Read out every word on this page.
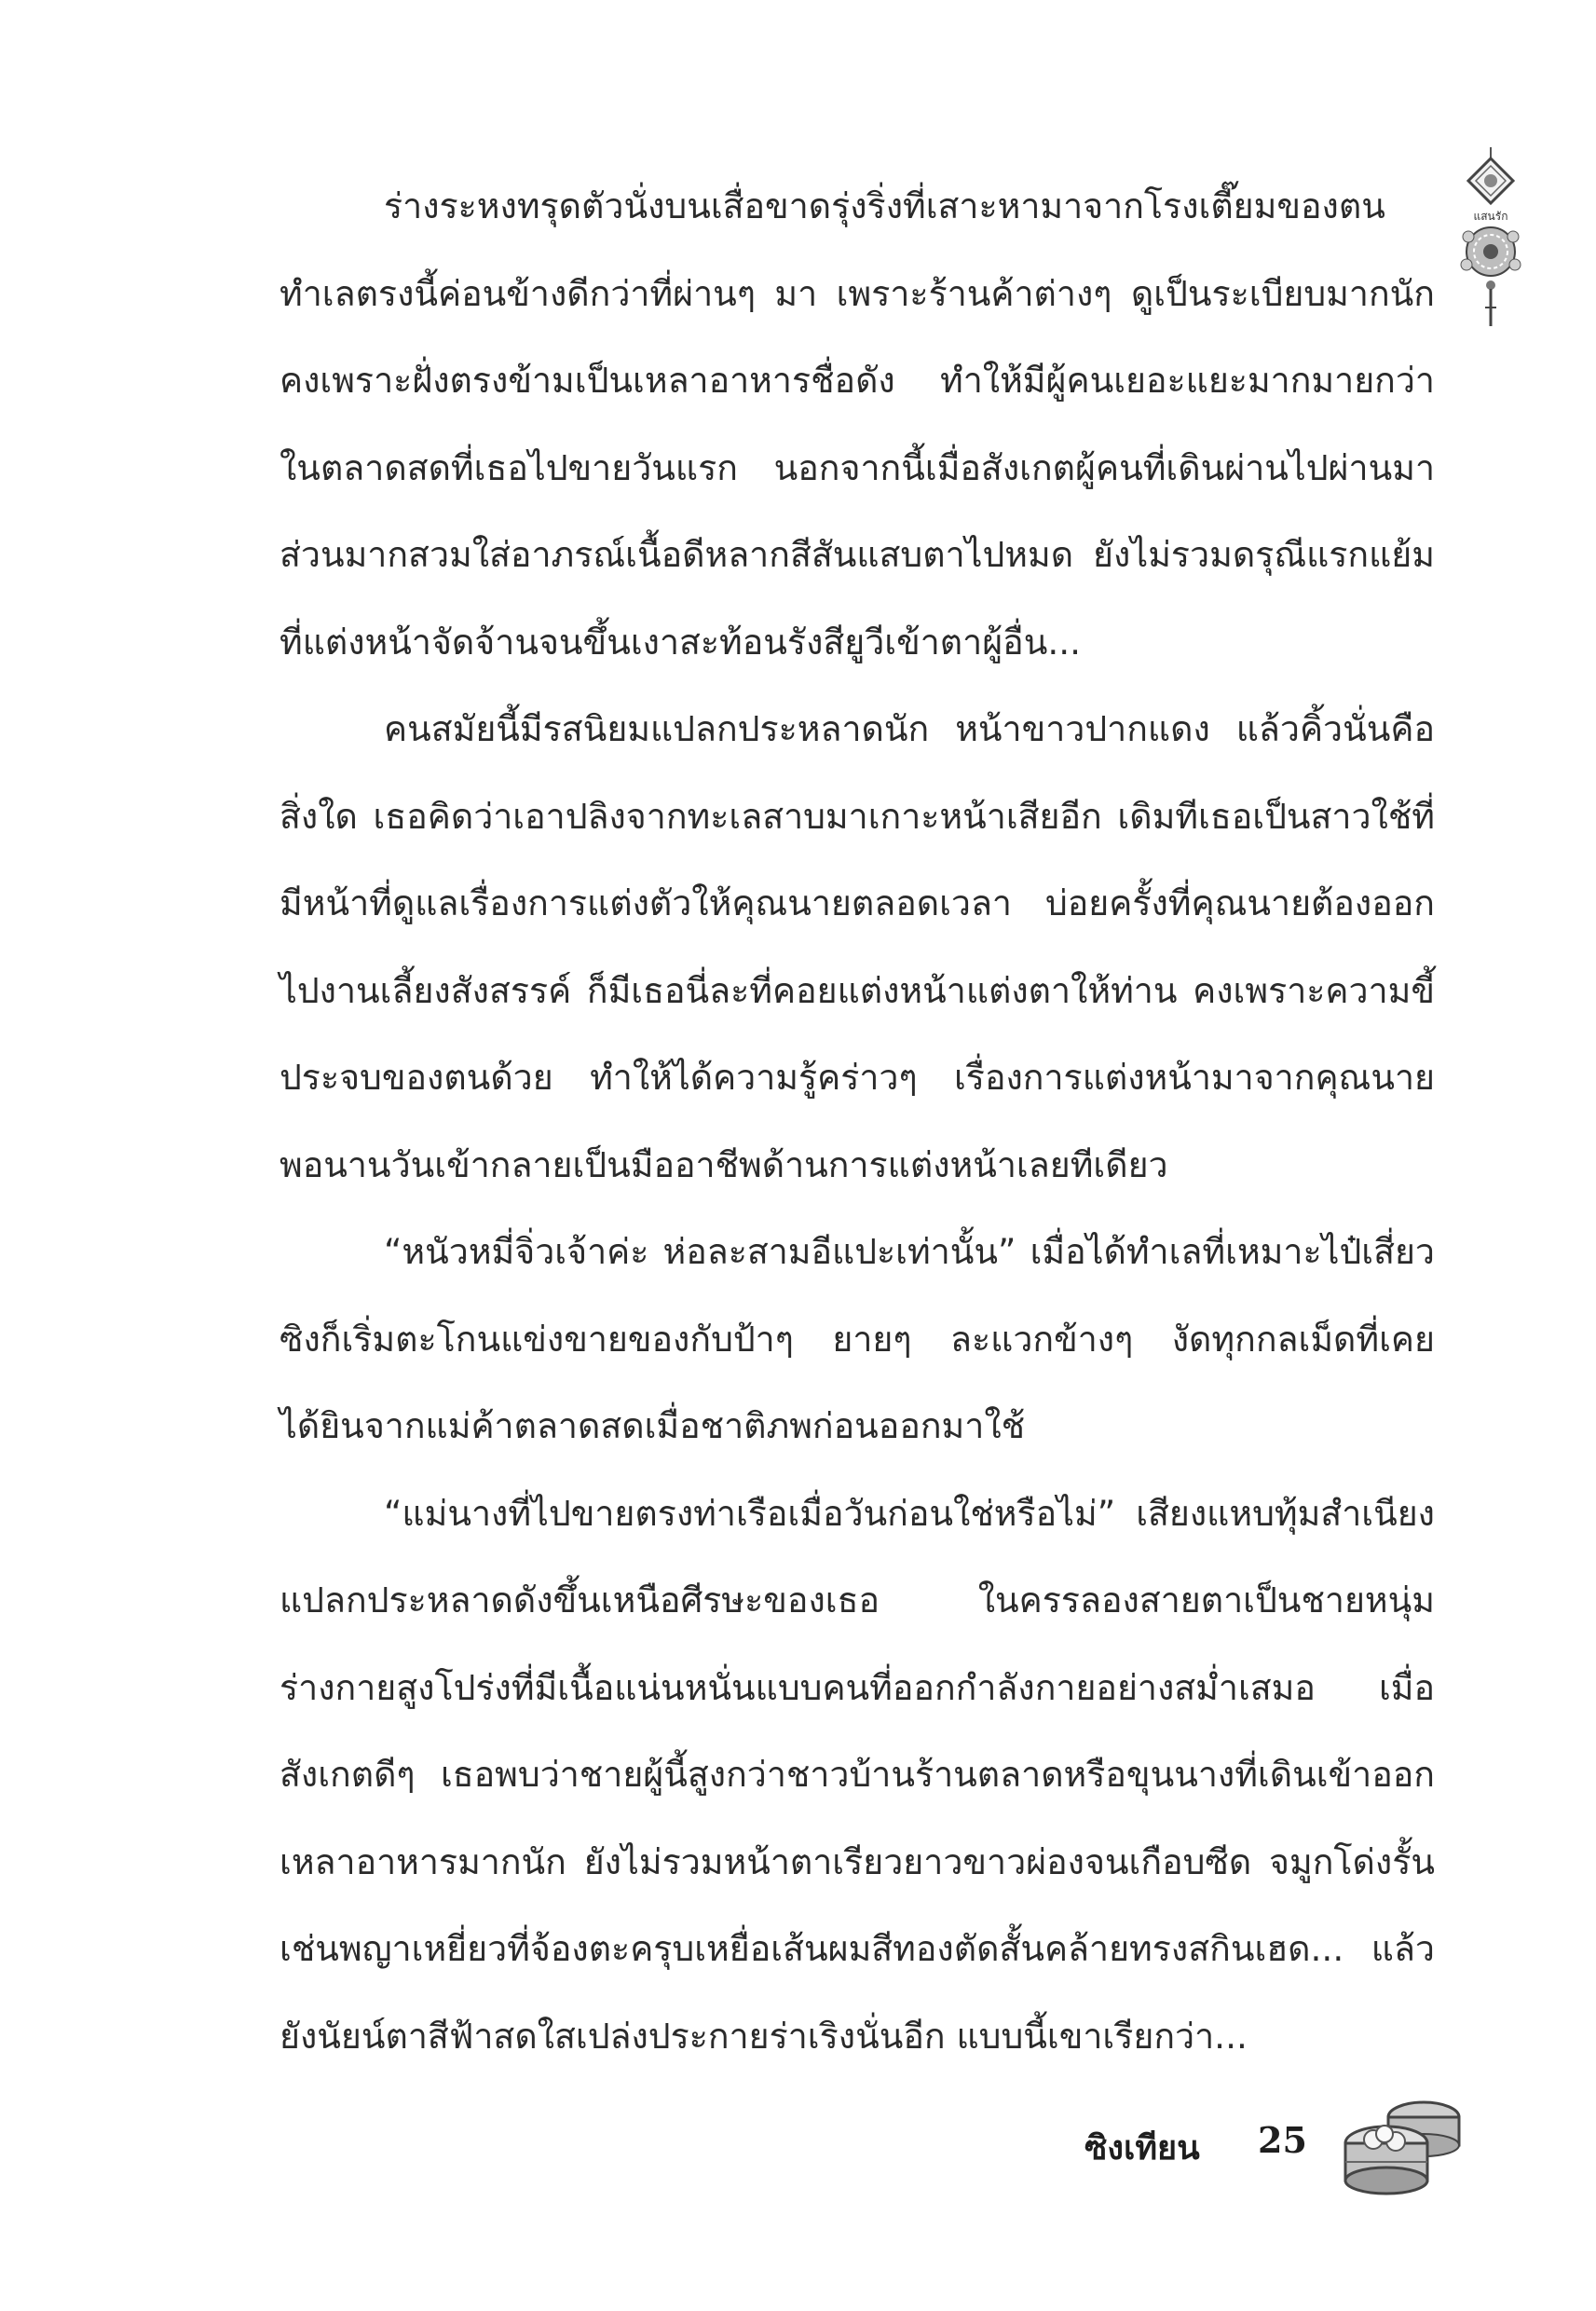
แสนรัก

ร่างระหงทรุดตัวนั่งบนเสื่อขาดรุ่งริ่งที่เสาะหามาจากโรงเตี๊ยมของตน ทำเลตรงนี้ค่อนข้างดีกว่าที่ผ่านๆ มา เพราะร้านค้าต่างๆ ดูเป็นระเบียบมากนัก คงเพราะฝั่งตรงข้ามเป็นเหลาอาหารชื่อดัง ทำให้มีผู้คนเยอะแยะมากมายกว่าในตลาดสดที่เธอไปขายวันแรก นอกจากนี้เมื่อสังเกตผู้คนที่เดินผ่านไปผ่านมา ส่วนมากสวมใส่อาภรณ์เนื้อดีหลากสีสันแสบตาไปหมด ยังไม่รวมดรุณีแรกแย้มที่แต่งหน้าจัดจ้านจนขึ้นเงาสะท้อนรังสียูวีเข้าตาผู้อื่น...

คนสมัยนี้มีรสนิยมแปลกประหลาดนัก หน้าขาวปากแดง แล้วคิ้วนั่นคือสิ่งใด เธอคิดว่าเอาปลิงจากทะเลสาบมาเกาะหน้าเสียอีก เดิมทีเธอเป็นสาวใช้ที่มีหน้าที่ดูแลเรื่องการแต่งตัวให้คุณนายตลอดเวลา บ่อยครั้งที่คุณนายต้องออกไปงานเลี้ยงสังสรรค์ ก็มีเธอนี่ละที่คอยแต่งหน้าแต่งตาให้ท่าน คงเพราะความขี้ประจบของตนด้วย ทำให้ได้ความรู้คร่าวๆ เรื่องการแต่งหน้ามาจากคุณนาย พอนานวันเข้ากลายเป็นมืออาชีพด้านการแต่งหน้าเลยทีเดียว

“หนัวหมี่จิ่วเจ้าค่ะ ห่อละสามอีแปะเท่านั้น” เมื่อได้ทำเลที่เหมาะไป๋เสี่ยวซิงก็เริ่มตะโกนแข่งขายของกับป้าๆ ยายๆ ละแวกข้างๆ งัดทุกกลเม็ดที่เคยได้ยินจากแม่ค้าตลาดสดเมื่อชาติภพก่อนออกมาใช้

“แม่นางที่ไปขายตรงท่าเรือเมื่อวันก่อนใช่หรือไม่” เสียงแหบทุ้มสำเนียงแปลกประหลาดดังขึ้นเหนือศีรษะของเธอ ในครรลองสายตาเป็นชายหนุ่มร่างกายสูงโปร่งที่มีเนื้อแน่นหนั่นแบบคนที่ออกกำลังกายอย่างสม่ำเสมอ เมื่อสังเกตดีๆ เธอพบว่าชายผู้นี้สูงกว่าชาวบ้านร้านตลาดหรือขุนนางที่เดินเข้าออกเหลาอาหารมากนัก ยังไม่รวมหน้าตาเรียวยาวขาวผ่องจนเกือบซีด จมูกโด่งรั้นเช่นพญาเหยี่ยวที่จ้องตะครุบเหยื่อเส้นผมสีทองตัดสั้นคล้ายทรงสกินเฮด... แล้วยังนัยน์ตาสีฟ้าสดใสเปล่งประกายร่าเริงนั่นอีก แบบนี้เขาเรียกว่า...

ซิงเทียน 25
